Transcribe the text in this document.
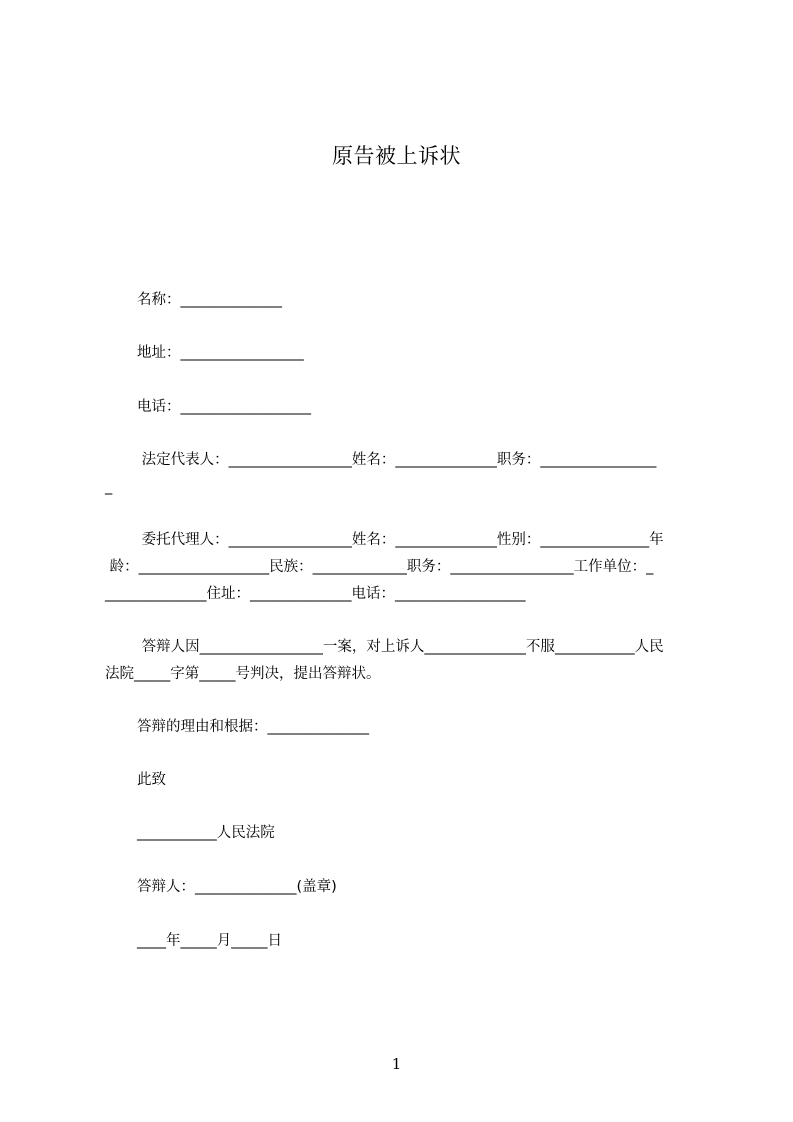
原告被上诉状
名称：______________
地址：_________________
电话：__________________
法定代表人：_________________姓名：______________职务：________________
_
委托代理人：_________________姓名：______________性别：_______________年
龄：__________________民族：_____________职务：_________________工作单位：_
______________住址：______________电话：__________________
答辩人因_________________一案，对上诉人______________不服___________人民
法院_____字第_____号判决，提出答辩状。
答辩的理由和根据：______________
此致
___________人民法院
答辩人：______________(盖章)
____年_____月_____日
1
